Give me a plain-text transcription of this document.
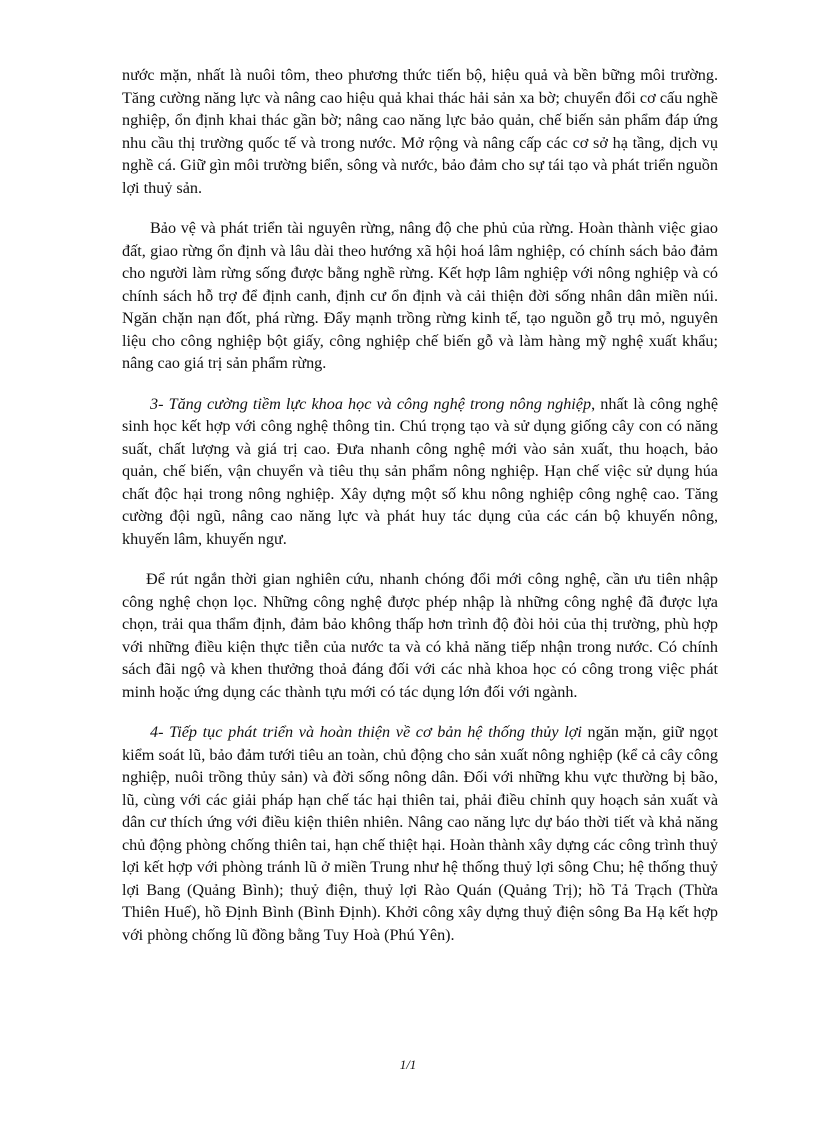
nước mặn, nhất là nuôi tôm, theo phương thức tiến bộ, hiệu quả và bền bững môi trường. Tăng cường năng lực và nâng cao hiệu quả khai thác hải sản xa bờ; chuyển đổi cơ cấu nghề nghiệp, ổn định khai thác gần bờ; nâng cao năng lực bảo quản, chế biến sản phẩm đáp ứng nhu cầu thị trường quốc tế và trong nước. Mở rộng và nâng cấp các cơ sở hạ tầng, dịch vụ nghề cá. Giữ gìn môi trường biển, sông và nước, bảo đảm cho sự tái tạo và phát triển nguồn lợi thuỷ sản.

Bảo vệ và phát triển tài nguyên rừng, nâng độ che phủ của rừng. Hoàn thành việc giao đất, giao rừng ổn định và lâu dài theo hướng xã hội hoá lâm nghiệp, có chính sách bảo đảm cho người làm rừng sống được bằng nghề rừng. Kết hợp lâm nghiệp với nông nghiệp và có chính sách hỗ trợ để định canh, định cư ổn định và cải thiện đời sống nhân dân miền núi. Ngăn chặn nạn đốt, phá rừng. Đẩy mạnh trồng rừng kinh tế, tạo nguồn gỗ trụ mỏ, nguyên liệu cho công nghiệp bột giấy, công nghiệp chế biến gỗ và làm hàng mỹ nghệ xuất khẩu; nâng cao giá trị sản phẩm rừng.

3- Tăng cường tiềm lực khoa học và công nghệ trong nông nghiệp, nhất là công nghệ sinh học kết hợp với công nghệ thông tin. Chú trọng tạo và sử dụng giống cây con có năng suất, chất lượng và giá trị cao. Đưa nhanh công nghệ mới vào sản xuất, thu hoạch, bảo quản, chế biến, vận chuyển và tiêu thụ sản phẩm nông nghiệp. Hạn chế việc sử dụng húa chất độc hại trong nông nghiệp. Xây dựng một số khu nông nghiệp công nghệ cao. Tăng cường đội ngũ, nâng cao năng lực và phát huy tác dụng của các cán bộ khuyến nông, khuyến lâm, khuyến ngư.

Để rút ngắn thời gian nghiên cứu, nhanh chóng đổi mới công nghệ, cần ưu tiên nhập công nghệ chọn lọc. Những công nghệ được phép nhập là những công nghệ đã được lựa chọn, trải qua thẩm định, đảm bảo không thấp hơn trình độ đòi hỏi của thị trường, phù hợp với những điều kiện thực tiễn của nước ta và có khả năng tiếp nhận trong nước. Có chính sách đãi ngộ và khen thưởng thoả đáng đối với các nhà khoa học có công trong việc phát minh hoặc ứng dụng các thành tựu mới có tác dụng lớn đối với ngành.

4- Tiếp tục phát triển và hoàn thiện về cơ bản hệ thống thủy lợi ngăn mặn, giữ ngọt kiểm soát lũ, bảo đảm tưới tiêu an toàn, chủ động cho sản xuất nông nghiệp (kể cả cây công nghiệp, nuôi trồng thủy sản) và đời sống nông dân. Đối với những khu vực thường bị bão, lũ, cùng với các giải pháp hạn chế tác hại thiên tai, phải điều chỉnh quy hoạch sản xuất và dân cư thích ứng với điều kiện thiên nhiên. Nâng cao năng lực dự báo thời tiết và khả năng chủ động phòng chống thiên tai, hạn chế thiệt hại. Hoàn thành xây dựng các công trình thuỷ lợi kết hợp với phòng tránh lũ ở miền Trung như hệ thống thuỷ lợi sông Chu; hệ thống thuỷ lợi Bang (Quảng Bình); thuỷ điện, thuỷ lợi Rào Quán (Quảng Trị); hồ Tả Trạch (Thừa Thiên Huế), hồ Định Bình (Bình Định). Khởi công xây dựng thuỷ điện sông Ba Hạ kết hợp với phòng chống lũ đồng bằng Tuy Hoà (Phú Yên).

1/1
